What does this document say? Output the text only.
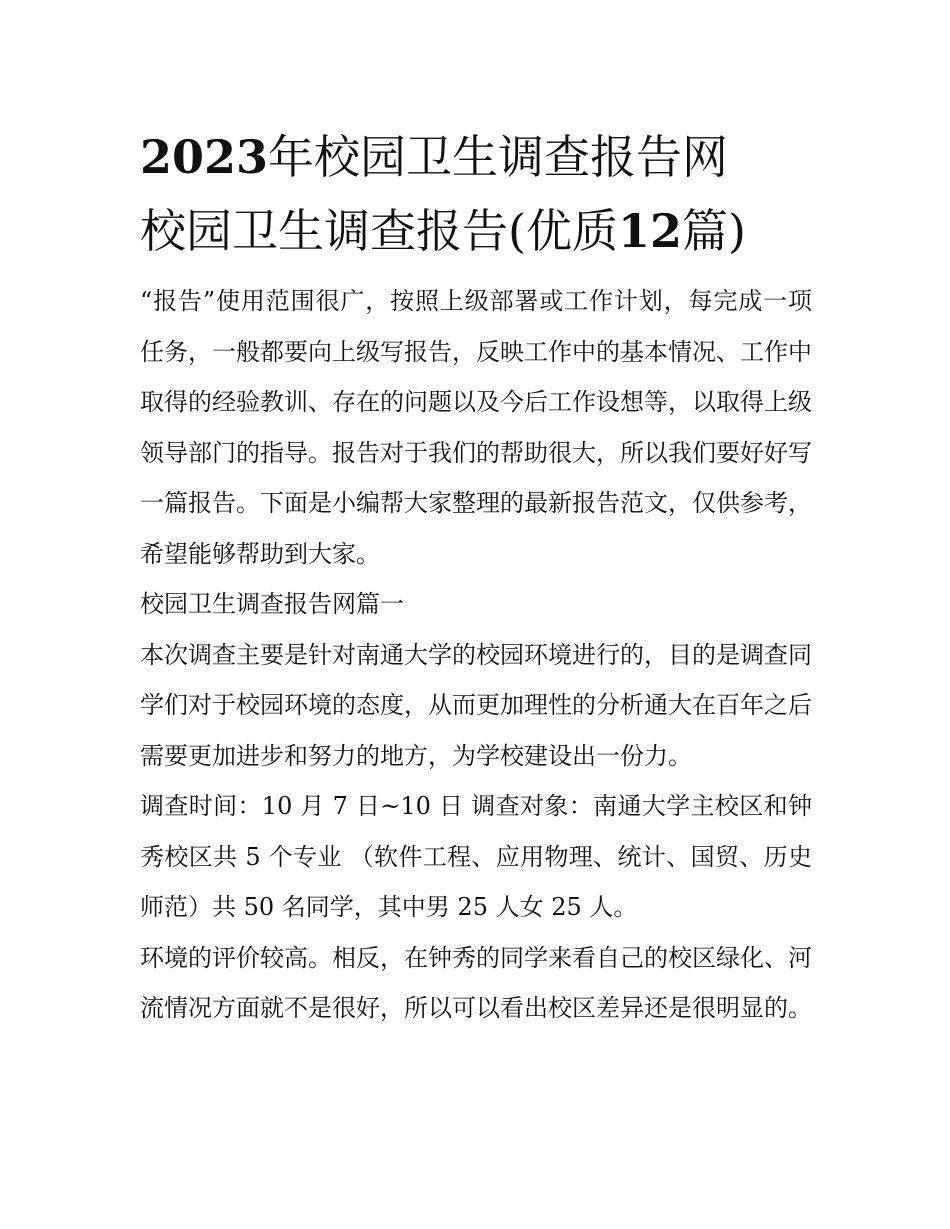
2023年校园卫生调查报告网
校园卫生调查报告(优质12篇)

“报告”使用范围很广，按照上级部署或工作计划，每完成一项任务，一般都要向上级写报告，反映工作中的基本情况、工作中取得的经验教训、存在的问题以及今后工作设想等，以取得上级领导部门的指导。报告对于我们的帮助很大，所以我们要好好写一篇报告。下面是小编帮大家整理的最新报告范文，仅供参考，希望能够帮助到大家。

校园卫生调查报告网篇一

本次调查主要是针对南通大学的校园环境进行的，目的是调查同学们对于校园环境的态度，从而更加理性的分析通大在百年之后需要更加进步和努力的地方，为学校建设出一份力。

调查时间：10 月 7 日~10 日 调查对象：南通大学主校区和钟秀校区共 5 个专业 （软件工程、应用物理、统计、国贸、历史师范）共 50 名同学，其中男 25 人女 25 人。

环境的评价较高。相反，在钟秀的同学来看自己的校区绿化、河流情况方面就不是很好，所以可以看出校区差异还是很明显的。
